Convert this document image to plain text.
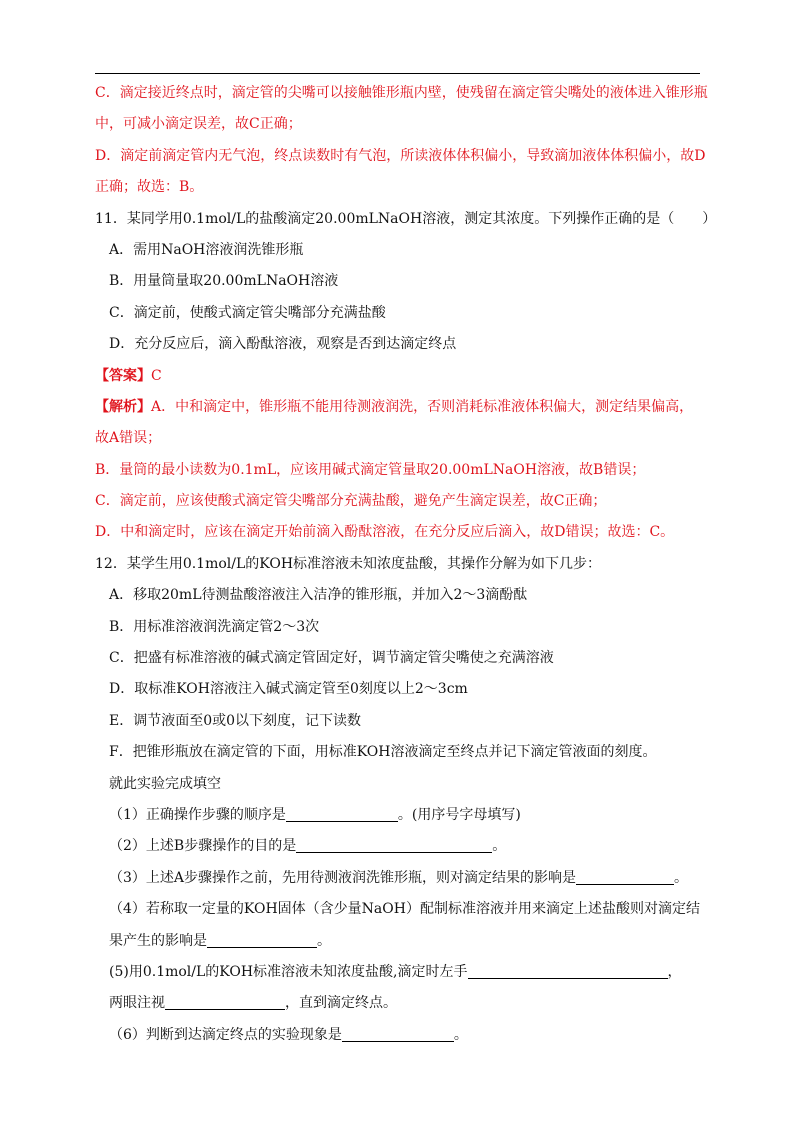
C．滴定接近终点时，滴定管的尖嘴可以接触锥形瓶内壁，使残留在滴定管尖嘴处的液体进入锥形瓶
中，可减小滴定误差，故C正确；
D．滴定前滴定管内无气泡，终点读数时有气泡，所读液体体积偏小，导致滴加液体体积偏小，故D
正确；故选：B。
11．某同学用0.1mol/L的盐酸滴定20.00mLNaOH溶液，测定其浓度。下列操作正确的是（　　）
A．需用NaOH溶液润洗锥形瓶
B．用量筒量取20.00mLNaOH溶液
C．滴定前，使酸式滴定管尖嘴部分充满盐酸
D．充分反应后，滴入酚酞溶液，观察是否到达滴定终点
【答案】C
【解析】A．中和滴定中，锥形瓶不能用待测液润洗，否则消耗标准液体积偏大，测定结果偏高，
故A错误；
B．量筒的最小读数为0.1mL，应该用碱式滴定管量取20.00mLNaOH溶液，故B错误；
C．滴定前，应该使酸式滴定管尖嘴部分充满盐酸，避免产生滴定误差，故C正确；
D．中和滴定时，应该在滴定开始前滴入酚酞溶液，在充分反应后滴入，故D错误；故选：C。
12．某学生用0.1mol/L的KOH标准溶液未知浓度盐酸，其操作分解为如下几步：
A．移取20mL待测盐酸溶液注入洁净的锥形瓶，并加入2～3滴酚酞
B．用标准溶液润洗滴定管2～3次
C．把盛有标准溶液的碱式滴定管固定好，调节滴定管尖嘴使之充满溶液
D．取标准KOH溶液注入碱式滴定管至0刻度以上2～3cm
E．调节液面至0或0以下刻度，记下读数
F．把锥形瓶放在滴定管的下面，用标准KOH溶液滴定至终点并记下滴定管液面的刻度。
就此实验完成填空
（1）正确操作步骤的顺序是	。(用序号字母填写)
（2）上述B步骤操作的目的是	。
（3）上述A步骤操作之前，先用待测液润洗锥形瓶，则对滴定结果的影响是	。
（4）若称取一定量的KOH固体（含少量NaOH）配制标准溶液并用来滴定上述盐酸则对滴定结
果产生的影响是	。
(5)用0.1mol/L的KOH标准溶液未知浓度盐酸,滴定时左手	，
两眼注视	，直到滴定终点。
（6）判断到达滴定终点的实验现象是	。
